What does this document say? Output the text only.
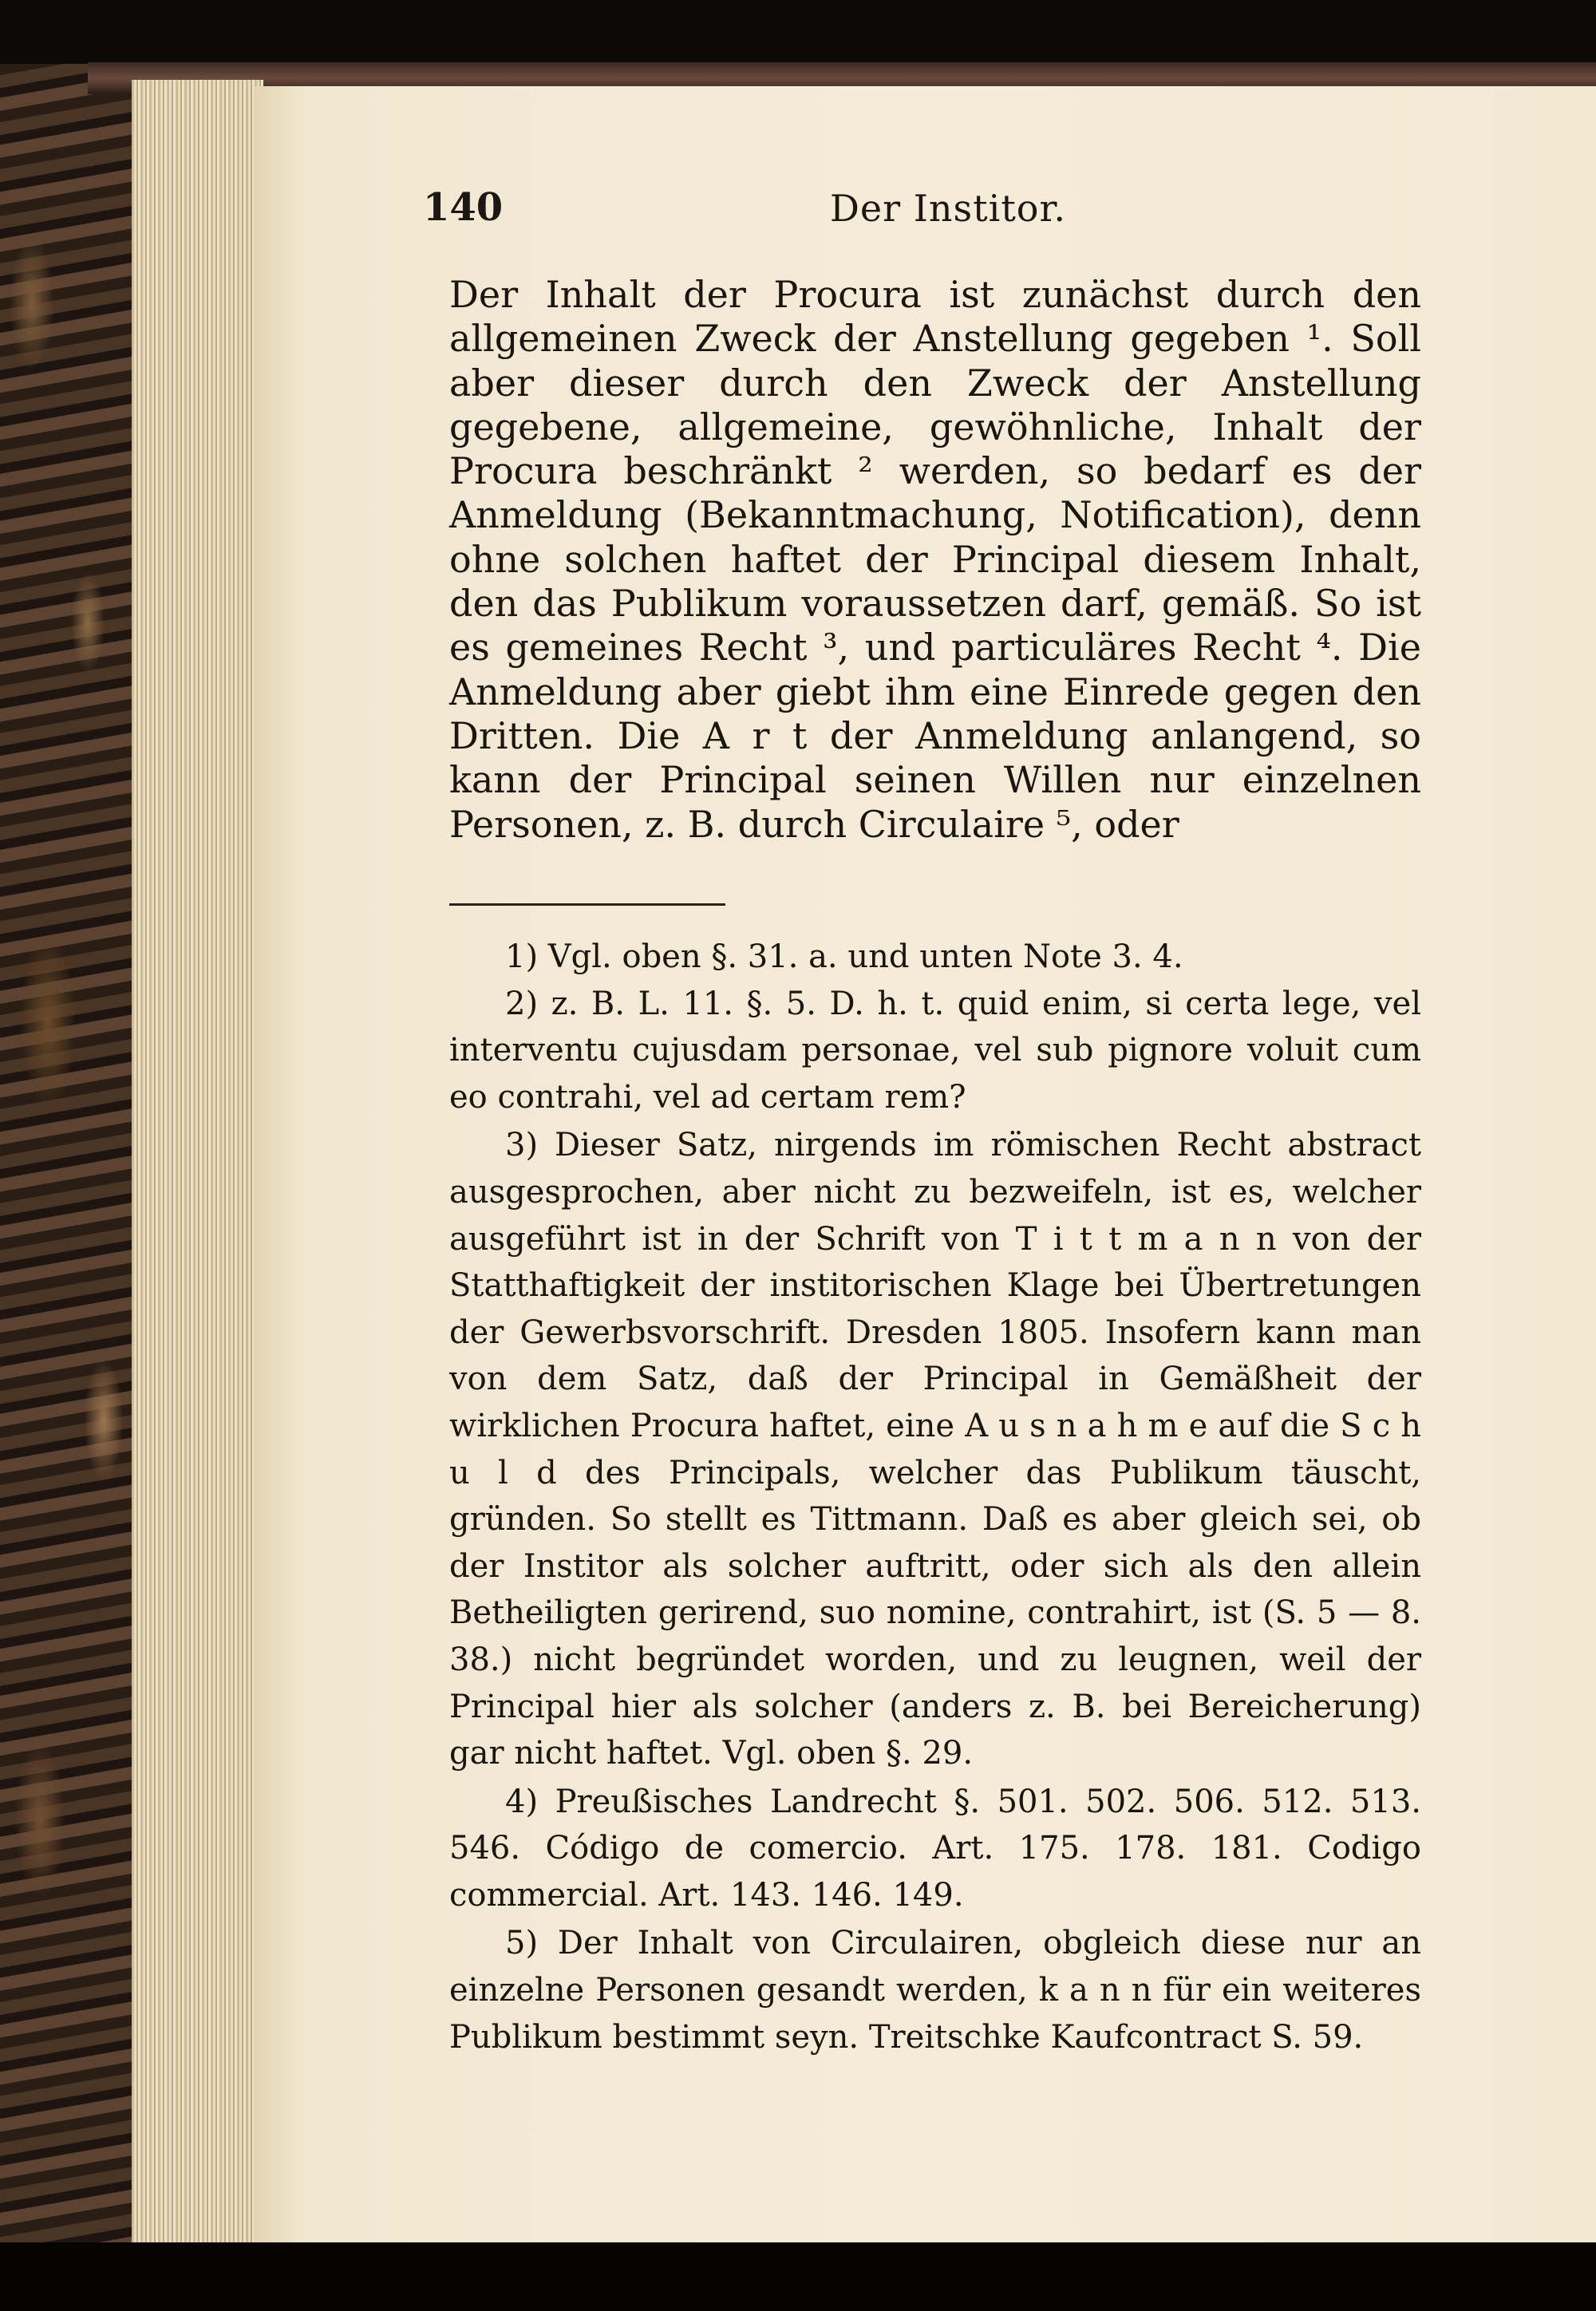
140	Der Institor.

Der Inhalt der Procura ist zunächst durch den allgemeinen Zweck der Anstellung gegeben ¹. Soll aber dieser durch den Zweck der Anstellung gegebene, allgemeine, gewöhnliche, Inhalt der Procura beschränkt ² werden, so bedarf es der Anmeldung (Bekanntmachung, Notification), denn ohne solchen haftet der Principal diesem Inhalt, den das Publikum voraussetzen darf, gemäß. So ist es gemeines Recht ³, und particuläres Recht ⁴. Die Anmeldung aber giebt ihm eine Einrede gegen den Dritten. Die A r t der Anmeldung anlangend, so kann der Principal seinen Willen nur einzelnen Personen, z. B. durch Circulaire ⁵, oder

1) Vgl. oben §. 31. a. und unten Note 3. 4.

2) z. B. L. 11. §. 5. D. h. t. quid enim, si certa lege, vel interventu cujusdam personae, vel sub pignore voluit cum eo contrahi, vel ad certam rem?

3) Dieser Satz, nirgends im römischen Recht abstract ausgesprochen, aber nicht zu bezweifeln, ist es, welcher ausgeführt ist in der Schrift von T i t t m a n n von der Statthaftigkeit der institorischen Klage bei Übertretungen der Gewerbsvorschrift. Dresden 1805. Insofern kann man von dem Satz, daß der Principal in Gemäßheit der wirklichen Procura haftet, eine A u s n a h m e auf die S c h u l d des Principals, welcher das Publikum täuscht, gründen. So stellt es Tittmann. Daß es aber gleich sei, ob der Institor als solcher auftritt, oder sich als den allein Betheiligten gerirend, suo nomine, contrahirt, ist (S. 5 — 8. 38.) nicht begründet worden, und zu leugnen, weil der Principal hier als solcher (anders z. B. bei Bereicherung) gar nicht haftet. Vgl. oben §. 29.

4) Preußisches Landrecht §. 501. 502. 506. 512. 513. 546. Código de comercio. Art. 175. 178. 181. Codigo commercial. Art. 143. 146. 149.

5) Der Inhalt von Circulairen, obgleich diese nur an einzelne Personen gesandt werden, k a n n für ein weiteres Publikum bestimmt seyn. Treitschke Kaufcontract S. 59.
